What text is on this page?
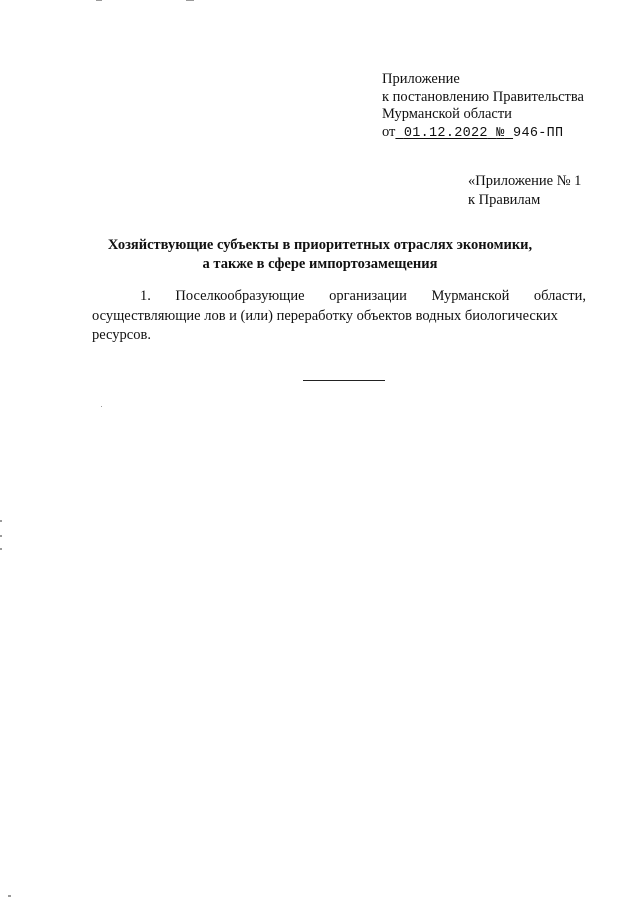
Приложение
к постановлению Правительства
Мурманской области
от 01.12.2022 № 946-ПП
«Приложение № 1
к Правилам
Хозяйствующие субъекты в приоритетных отраслях экономики,
а также в сфере импортозамещения
1. Поселкообразующие организации Мурманской области,
осуществляющие лов и (или) переработку объектов водных биологических
ресурсов.
